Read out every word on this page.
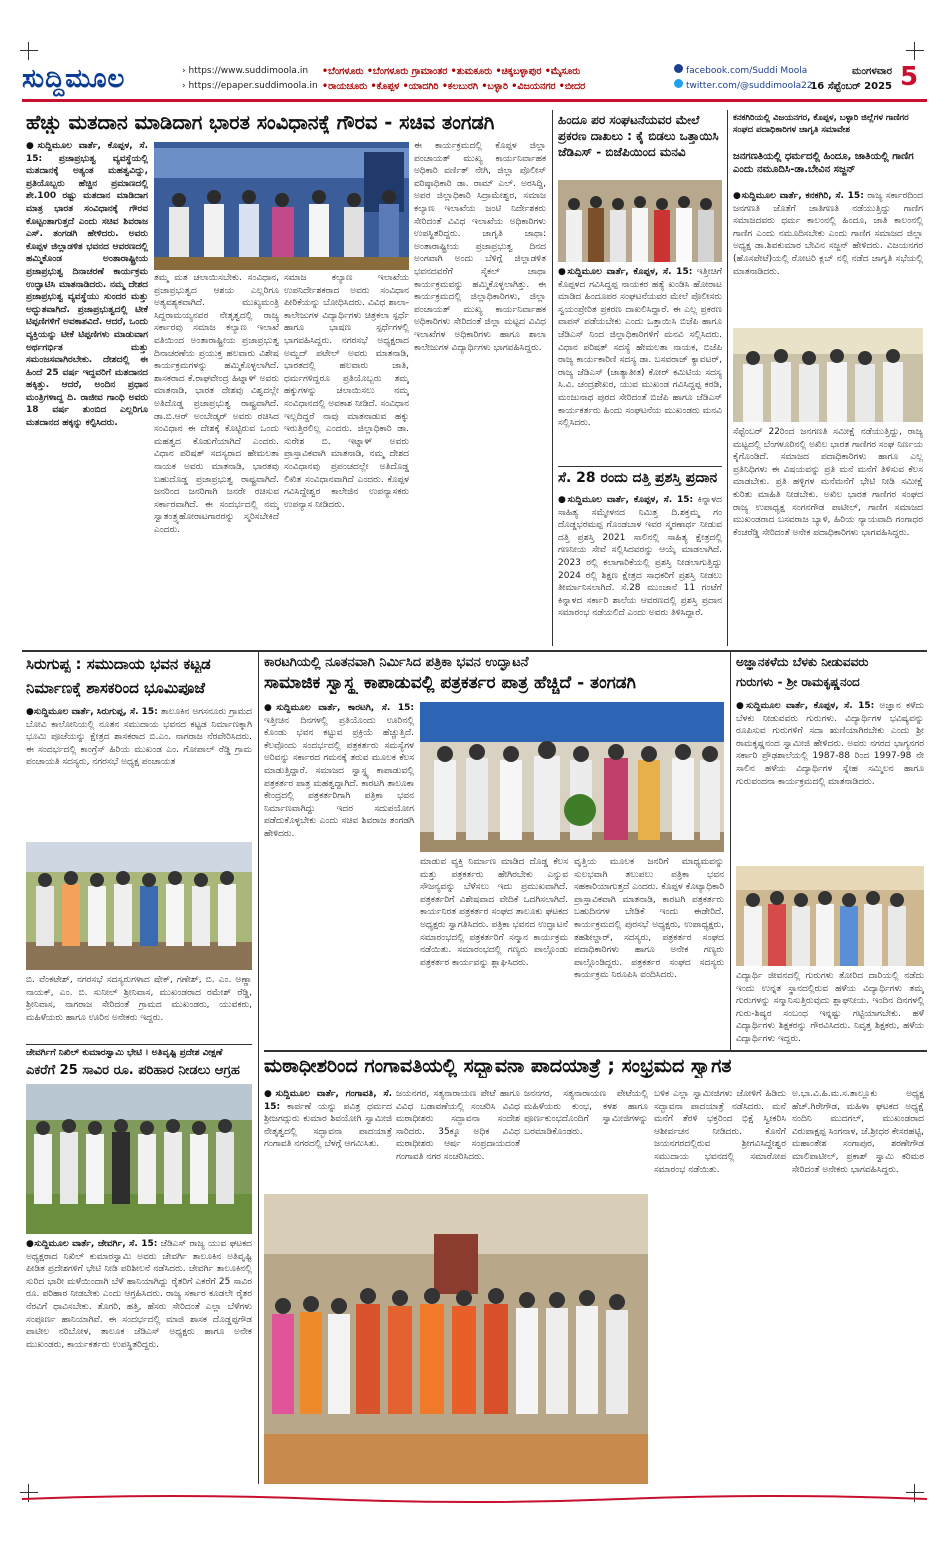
ಸುದ್ದಿಮೂಲ	› https://www.suddimoola.in
› https://epaper.suddimoola.in
•ಬೆಂಗಳೂರು •ಬೆಂಗಳೂರು ಗ್ರಾಮಾಂತರ •ತುಮಕೂರು •ಚಿಕ್ಕಬಳ್ಳಾಪುರ •ಮೈಸೂರು
•ರಾಯಚೂರು •ಕೊಪ್ಪಳ •ಯಾದಗಿರಿ •ಕಲಬುರಗಿ •ಬಳ್ಳಾರಿ •ವಿಜಯನಗರ •ಬೀದರ
facebook.com/Suddi Moola
twitter.com/@suddimoola22
ಮಂಗಳವಾರ
16 ಸೆಪ್ಟೆಂಬರ್ 2025 5
ಹೆಚ್ಚು ಮತದಾನ ಮಾಡಿದಾಗ ಭಾರತ ಸಂವಿಧಾನಕ್ಕೆ ಗೌರವ - ಸಚಿವ ತಂಗಡಗಿ
●ಸುದ್ದಿಮೂಲ ವಾರ್ತೆ, ಕೊಪ್ಪಳ, ಸೆ. 15: ಪ್ರಜಾಪ್ರಭುತ್ವ ವ್ಯವಸ್ಥೆಯಲ್ಲಿ ಮತದಾನಕ್ಕೆ ಅತ್ಯಂತ ಮಹತ್ವವಿದ್ದು, ಪ್ರತಿಯೊಬ್ಬರು ಹೆಚ್ಚಿನ ಪ್ರಮಾಣದಲ್ಲಿ ಶೇ.100 ರಷ್ಟು ಮತದಾನ ಮಾಡಿದಾಗ ಮಾತ್ರ ಭಾರತ ಸಂವಿಧಾನಕ್ಕೆ ಗೌರವ ಕೊಟ್ಟಂತಾಗುತ್ತದೆ ಎಂದು ಸಚಿವ ಶಿವರಾಜ ಎಸ್. ತಂಗಡಗಿ ಹೇಳಿದರು. ಅವರು ಕೊಪ್ಪಳ ಜಿಲ್ಲಾಡಳಿತ ಭವನದ ಆವರಣದಲ್ಲಿ ಹಮ್ಮಿಕೊಂಡ ಅಂತಾರಾಷ್ಟ್ರೀಯ ಪ್ರಜಾಪ್ರಭುತ್ವ ದಿನಾಚರಣೆ ಕಾರ್ಯಕ್ರಮ ಉದ್ಘಾಟಿಸಿ ಮಾತನಾಡಿದರು. ನಮ್ಮ ದೇಶದ ಪ್ರಜಾಪ್ರಭುತ್ವ ವ್ಯವಸ್ಥೆಯು ಸುಂದರ ಮತ್ತು ಅದ್ಭುತವಾಗಿದೆ. ಪ್ರಜಾಪ್ರಭುತ್ವದಲ್ಲಿ ಟೀಕೆ ಟಿಪ್ಪಣಿಗಳಿಗೆ ಅವಕಾಶವಿದೆ. ಆದರೆ, ಒಂದು ವ್ಯಕ್ತಿಯನ್ನು ಟೀಕೆ ಟಿಪ್ಪಣಿಗಳು ಮಾಡುವಾಗ ಅರ್ಥಗರ್ಭಿತ ಮತ್ತು ಸಮಂಜಸವಾಗಿರಬೇಕು. ದೇಶದಲ್ಲಿ ಈ ಹಿಂದೆ 25 ವರ್ಷ ಇದ್ದವರಿಗೆ ಮತದಾನದ ಹಕ್ಕಿತ್ತು. ಆದರೆ, ಅಂದಿನ ಪ್ರಧಾನ ಮಂತ್ರಿಗಳಾದ್ದ ದಿ. ರಾಜೀವ ಗಾಂಧಿ ಅವರು 18 ವರ್ಷ ತುಂಬಿದ ಎಲ್ಲರಿಗೂ ಮತದಾನದ ಹಕ್ಕನ್ನು ಕಲ್ಪಿಸಿದರು.
ತಮ್ಮ ಮತ ಚಲಾಯಿಸಬೇಕು. ಸಂವಿಧಾನ, ಪ್ರಜಾಪ್ರಭುತ್ವದ ಆಶಯ ಎಲ್ಲರಿಗೂ ಅತ್ಯವಶ್ಯಕವಾಗಿದೆ. ಮುಖ್ಯಮಂತ್ರಿ ಸಿದ್ದರಾಮಯ್ಯನವರ ನೇತೃತ್ವದಲ್ಲಿ ರಾಜ್ಯ ಸರ್ಕಾರವು ಸಮಾಜ ಕಲ್ಯಾಣ ಇಲಾಖೆ ವತಿಯಿಂದ ಅಂತಾರಾಷ್ಟ್ರೀಯ ಪ್ರಜಾಪ್ರಭುತ್ವ ದಿನಾಚರಣೆಯ ಪ್ರಯುಕ್ತ ಹಲವಾರು ವಿಶೇಷ ಕಾರ್ಯಕ್ರಮಗಳನ್ನು ಹಮ್ಮಿಕೊಳ್ಳಲಾಗಿದೆ. ಶಾಸಕರಾದ ಕೆ.ರಾಘವೇಂದ್ರ ಹಿಟ್ನಾಳ್ ಅವರು ಮಾತನಾಡಿ, ಭಾರತ ದೇಶವು ವಿಶ್ವದಲ್ಲೇ ಅತಿದೊಡ್ಡ ಪ್ರಜಾಪ್ರಭುತ್ವ ರಾಷ್ಟ್ರವಾಗಿದೆ. ಡಾ.ಬಿ.ಆರ್ ಅಂಬೇಡ್ಕರ್ ಅವರು ರಚಿಸಿದ ಸಂವಿಧಾನ ಈ ದೇಶಕ್ಕೆ ಕೊಟ್ಟಿರುವ ಒಂದು ಮಹತ್ವದ ಕೊಡುಗೆಯಾಗಿದೆ ಎಂದರು. ವಿಧಾನ ಪರಿಷತ್ ಸದಸ್ಯರಾದ ಹೇಮಲತಾ ನಾಯಕ ಅವರು ಮಾತನಾಡಿ, ಭಾರತವು ಬಹುದೊಡ್ಡ ಪ್ರಜಾಪ್ರಭುತ್ವ ರಾಷ್ಟ್ರವಾಗಿದೆ. ಜನರಿಂದ ಜನರಿಗಾಗಿ ಜನರೇ ರಚಿಸುವ ಸರ್ಕಾರವಾಗಿದೆ. ಈ ಸಂದರ್ಭದಲ್ಲಿ ನಮ್ಮ ಸ್ವಾತಂತ್ರ್ಯಹೋರಾಟಗಾರರನ್ನು ಸ್ಮರಿಸಬೇಕಿದೆ ಎಂದರು.
ಸಮಾಜ ಕಲ್ಯಾಣ ಇಲಾಖೆಯ ಉಪನಿರ್ದೇಶಕರಾದ ಅವರು ಸಂವಿಧಾನ ಪೀಠಿಕೆಯನ್ನು ಬೋಧಿಸಿದರು. ವಿವಿಧ ಶಾಲಾ-ಕಾಲೇಜುಗಳ ವಿದ್ಯಾರ್ಥಿಗಳು ಚಿತ್ರಕಲಾ ಸ್ಪರ್ಧೆ ಹಾಗೂ ಭಾಷಣ ಸ್ಪರ್ಧೆಗಳಲ್ಲಿ ಭಾಗವಹಿಸಿದ್ದರು. ನಗರಸಭೆ ಅಧ್ಯಕ್ಷರಾದ ಅಮ್ಜದ್ ಪಟೇಲ್ ಅವರು ಮಾತನಾಡಿ, ಭಾರತದಲ್ಲಿ ಹಲವಾರು ಜಾತಿ, ಧರ್ಮಗಳಿದ್ದರೂ ಪ್ರತಿಯೊಬ್ಬರು ತಮ್ಮ ಹಕ್ಕುಗಳನ್ನು ಚಲಾಯಿಸಲು ನಮ್ಮ ಸಂವಿಧಾನದಲ್ಲಿ ಅವಕಾಶ ನೀಡಿದೆ. ಸಂವಿಧಾನ ಇಲ್ಲದಿದ್ದರೆ ನಾವು ಮಾತನಾಡುವ ಹಕ್ಕು ಇರುತ್ತಿರಲಿಲ್ಲ ಎಂದರು. ಜಿಲ್ಲಾಧಿಕಾರಿ ಡಾ. ಸುರೇಶ ಬಿ. ಇಟ್ನಾಳ್ ಅವರು ಪ್ರಾಸ್ತಾವಿಕವಾಗಿ ಮಾತನಾಡಿ, ನಮ್ಮ ದೇಶದ ಸಂವಿಧಾನವು ಪ್ರಪಂಚದಲ್ಲೇ ಅತಿದೊಡ್ಡ ಲಿಖಿತ ಸಂವಿಧಾನವಾಗಿದೆ ಎಂದರು. ಕೊಪ್ಪಳ ಗವಿಸಿದ್ದೇಶ್ವರ ಕಾಲೇಜಿನ ಉಪನ್ಯಾಸಕರು ಉಪನ್ಯಾಸ ನೀಡಿದರು.
ಈ ಕಾರ್ಯಕ್ರಮದಲ್ಲಿ ಕೊಪ್ಪಳ ಜಿಲ್ಲಾ ಪಂಚಾಯತ್ ಮುಖ್ಯ ಕಾರ್ಯನಿರ್ವಾಹಕ ಅಧಿಕಾರಿ ವರ್ಣಿತ್ ನೇಗಿ, ಜಿಲ್ಲಾ ಪೊಲೀಸ್ ವರಿಷ್ಠಾಧಿಕಾರಿ ಡಾ. ರಾಮ್ ಎಲ್. ಅರಸಿದ್ದಿ, ಅಪರ ಜಿಲ್ಲಾಧಿಕಾರಿ ಸಿದ್ರಾಮೇಶ್ವರ, ಸಮಾಜ ಕಲ್ಯಾಣ ಇಲಾಖೆಯ ಜಂಟಿ ನಿರ್ದೇಶಕರು ಸೇರಿದಂತೆ ವಿವಿಧ ಇಲಾಖೆಯ ಅಧಿಕಾರಿಗಳು ಉಪಸ್ಥಿತರಿದ್ದರು. ಜಾಗೃತಿ ಜಾಥಾ: ಅಂತಾರಾಷ್ಟ್ರೀಯ ಪ್ರಜಾಪ್ರಭುತ್ವ ದಿನದ ಅಂಗವಾಗಿ ಅಂದು ಬೆಳಿಗ್ಗೆ ಜಿಲ್ಲಾಡಳಿತ ಭವನದವರೆಗೆ ಸೈಕಲ್ ಜಾಥಾ ಕಾರ್ಯಕ್ರಮವನ್ನು ಹಮ್ಮಿಕೊಳ್ಳಲಾಗಿತ್ತು. ಈ ಕಾರ್ಯಕ್ರಮದಲ್ಲಿ ಜಿಲ್ಲಾಧಿಕಾರಿಗಳು, ಜಿಲ್ಲಾ ಪಂಚಾಯತ್ ಮುಖ್ಯ ಕಾರ್ಯನಿರ್ವಾಹಕ ಅಧಿಕಾರಿಗಳು ಸೇರಿದಂತೆ ಜಿಲ್ಲಾ ಮಟ್ಟದ ವಿವಿಧ ಇಲಾಖೆಗಳ ಅಧಿಕಾರಿಗಳು ಹಾಗೂ ಶಾಲಾ ಕಾಲೇಜುಗಳ ವಿದ್ಯಾರ್ಥಿಗಳು ಭಾಗವಹಿಸಿದ್ದರು.
ಹಿಂದೂ ಪರ ಸಂಘಟನೆಯವರ ಮೇಲೆ ಪ್ರಕರಣ ದಾಖಲು : ಕೈ ಬಿಡಲು ಒತ್ತಾಯಿಸಿ ಜೆಡಿಎಸ್ - ಬಿಜೆಪಿಯಿಂದ ಮನವಿ
●ಸುದ್ದಿಮೂಲ ವಾರ್ತೆ, ಕೊಪ್ಪಳ, ಸೆ. 15: ಇತ್ತೀಚಿಗೆ ಕೊಪ್ಪಳದ ಗವಿಸಿದ್ದಪ್ಪ ನಾಯಕರ ಹತ್ಯೆ ಖಂಡಿಸಿ ಹೋರಾಟ ಮಾಡಿದ ಹಿಂದೂಪರ ಸಂಘಟನೆಯವರ ಮೇಲೆ ಪೊಲೀಸರು ಸ್ವಯಂಪ್ರೇರಿತ ಪ್ರಕರಣ ದಾಖಲಿಸಿದ್ದಾರೆ. ಈ ಎಲ್ಲ ಪ್ರಕರಣ ವಾಪಸ್ ಪಡೆಯಬೇಕು ಎಂದು ಒತ್ತಾಯಿಸಿ ಬಿಜೆಪಿ ಹಾಗೂ ಜೆಡಿಎಸ್ ನಿಂದ ಜಿಲ್ಲಾಧಿಕಾರಿಗಳಿಗೆ ಮನವಿ ಸಲ್ಲಿಸಿದರು. ವಿಧಾನ ಪರಿಷತ್ ಸದಸ್ಯೆ ಹೇಮಲತಾ ನಾಯಕ, ಬಿಜೆಪಿ ರಾಜ್ಯ ಕಾರ್ಯಕಾರಿಣಿ ಸದಸ್ಯ ಡಾ. ಬಸವರಾಜ್ ಕ್ಯಾವಟರ್, ರಾಜ್ಯ ಜೆಡಿಎಸ್ (ಜಾತ್ಯಾತೀತ) ಕೋರ್ ಕಮಿಟಿಯ ಸದಸ್ಯ ಸಿ.ವಿ. ಚಂದ್ರಶೇಖರ, ಯುವ ಮುಖಂಡ ಗವಿಸಿದ್ದಪ್ಪ ಕರಡಿ, ಮಂಜುನಾಥ ಪುರದ ಸೇರಿದಂತೆ ಬಿಜೆಪಿ ಹಾಗೂ ಜೆಡಿಎಸ್ ಕಾರ್ಯಕರ್ತರು ಹಿಂದು ಸಂಘಟನೆಯ ಮುಖಂಡರು ಮನವಿ ಸಲ್ಲಿಸಿದರು.
ಸೆ. 28 ರಂದು ದತ್ತಿ ಪ್ರಶಸ್ತಿ ಪ್ರದಾನ
●ಸುದ್ದಿಮೂಲ ವಾರ್ತೆ, ಕೊಪ್ಪಳ, ಸೆ. 15: ಕಿನ್ನಾಳದ ಸಾಹಿತ್ಯ ಸಮ್ಮೇಳನದ ನಿಮಿತ್ತ ದಿ.ಶಕ್ತಮ್ಮ ಗಂ ದೊಡ್ಡಭರಮಪ್ಪ ಗೊಂಡಬಾಳ ಇವರ ಸ್ಮರಣಾರ್ಥ ನೀಡುವ ದತ್ತಿ ಪ್ರಶಸ್ತಿ 2021 ಸಾಲಿನಲ್ಲಿ ಸಾಹಿತ್ಯ ಕ್ಷೇತ್ರದಲ್ಲಿ ಗಣನೀಯ ಸೇವೆ ಸಲ್ಲಿಸಿದವರನ್ನು ಆಯ್ಕೆ ಮಾಡಲಾಗಿದೆ. 2023 ರಲ್ಲಿ ಕಲಾಗಾರಿಕೆಯಲ್ಲಿ ಪ್ರಶಸ್ತಿ ನೀಡಲಾಗುತ್ತಿದ್ದು 2024 ರಲ್ಲಿ ಶಿಕ್ಷಣ ಕ್ಷೇತ್ರದ ಸಾಧಕರಿಗೆ ಪ್ರಶಸ್ತಿ ನೀಡಲು ತೀರ್ಮಾನಿಸಲಾಗಿದೆ. ಸೆ.28 ಮುಂಜಾನೆ 11 ಗಂಟೆಗೆ ಕಿನ್ನಾಳದ ಸರ್ಕಾರಿ ಶಾಲೆಯ ಆವರಣದಲ್ಲಿ ಪ್ರಶಸ್ತಿ ಪ್ರದಾನ ಸಮಾರಂಭ ನಡೆಯಲಿದೆ ಎಂದು ಅವರು ತಿಳಿಸಿದ್ದಾರೆ.
ಕನಕಗಿರಿಯಲ್ಲಿ ವಿಜಯನಗರ, ಕೊಪ್ಪಳ, ಬಳ್ಳಾರಿ ಜಿಲ್ಲೆಗಳ ಗಾಣಿಗರ ಸಂಘದ ಪದಾಧಿಕಾರಿಗಳ ಜಾಗೃತಿ ಸಮಾವೇಶ
ಜನಗಣತಿಯಲ್ಲಿ ಧರ್ಮದಲ್ಲಿ ಹಿಂದೂ, ಜಾತಿಯಲ್ಲಿ ಗಾಣಿಗ ಎಂದು ನಮೂದಿಸಿ-ಡಾ.ಬೇವಿನ ಸಜ್ಜನ್
●ಸುದ್ದಿಮೂಲ ವಾರ್ತೆ, ಕನಕಗಿರಿ, ಸೆ. 15: ರಾಜ್ಯ ಸರ್ಕಾರದಿಂದ ಜನಗಣತಿ ಜೊತೆಗೆ ಜಾತಿಗಣತಿ ನಡೆಯುತ್ತಿದ್ದು ಗಾಣಿಗ ಸಮಾಜದವರು ಧರ್ಮ ಕಾಲಂನಲ್ಲಿ ಹಿಂದೂ, ಜಾತಿ ಕಾಲಂನಲ್ಲಿ ಗಾಣಿಗ ಎಂದು ನಮೂದಿಸಬೇಕು ಎಂದು ಗಾಣಿಗ ಸಮಾಜದ ಜಿಲ್ಲಾ ಅಧ್ಯಕ್ಷ ಡಾ.ಶಿವಕುಮಾರ ಬೇವಿನ ಸಜ್ಜನ್ ಹೇಳಿದರು. ವಿಜಯನಗರ (ಹೊಸಪೇಟೆ)ಯಲ್ಲಿ ರೋಟರಿ ಕ್ಲಬ್ ನಲ್ಲಿ ನಡೆದ ಜಾಗೃತಿ ಸಭೆಯಲ್ಲಿ ಮಾತನಾಡಿದರು.
ಸೆಪ್ಟೆಂಬರ್ 22ರಿಂದ ಜನಗಣತಿ ಸಮೀಕ್ಷೆ ನಡೆಯುತ್ತಿದ್ದು, ರಾಜ್ಯ ಮಟ್ಟದಲ್ಲಿ ಬೆಂಗಳೂರಿನಲ್ಲಿ ಅಖಿಲ ಭಾರತ ಗಾಣಿಗರ ಸಂಘ ನಿರ್ಣಯ ಕೈಗೊಂಡಿದೆ. ಸಮಾಜದ ಪದಾಧಿಕಾರಿಗಳು ಹಾಗೂ ಎಲ್ಲ ಪ್ರತಿನಿಧಿಗಳು ಈ ವಿಷಯವನ್ನು ಪ್ರತಿ ಮನೆ ಮನೆಗೆ ತಿಳಿಸುವ ಕೆಲಸ ಮಾಡಬೇಕು. ಪ್ರತಿ ಹಳ್ಳಿಗಳ ಮನೆಮನೆಗೆ ಭೇಟಿ ನೀಡಿ ಸಮೀಕ್ಷೆ ಕುರಿತು ಮಾಹಿತಿ ನೀಡಬೇಕು. ಅಖಿಲ ಭಾರತ ಗಾಣಿಗರ ಸಂಘದ ರಾಜ್ಯ ಉಪಾಧ್ಯಕ್ಷ ಸಂಗನಗೌಡ ಪಾಟೀಲ್, ಗಾಣಿಗ ಸಮಾಜದ ಮುಖಂಡರಾದ ಬಸವರಾಜ ಬ್ಯಾಳಿ, ಹಿರಿಯ ನ್ಯಾಯವಾದಿ ಗಂಗಾಧರ ಕೆಂಚರೆಡ್ಡಿ ಸೇರಿದಂತೆ ಅನೇಕ ಪದಾಧಿಕಾರಿಗಳು ಭಾಗವಹಿಸಿದ್ದರು.
ಸಿರುಗುಪ್ಪ : ಸಮುದಾಯ ಭವನ ಕಟ್ಟಡ
ನಿರ್ಮಾಣಕ್ಕೆ ಶಾಸಕರಿಂದ ಭೂಮಿಪೂಜೆ
●ಸುದ್ದಿಮೂಲ ವಾರ್ತೆ, ಸಿರುಗುಪ್ಪ, ಸೆ. 15: ತಾಲೂಕಿನ ಅಗಸನೂರು ಗ್ರಾಮದ ಬೋವಿ ಕಾಲೋನಿಯಲ್ಲಿ ನೂತನ ಸಮುದಾಯ ಭವನದ ಕಟ್ಟಡ ನಿರ್ಮಾಣಕ್ಕಾಗಿ ಭೂಮಿ ಪೂಜೆಯನ್ನು ಕ್ಷೇತ್ರದ ಶಾಸಕರಾದ ಬಿ.ಎಂ. ನಾಗರಾಜ ನೆರವೇರಿಸಿದರು. ಈ ಸಂದರ್ಭದಲ್ಲಿ ಕಾಂಗ್ರೆಸ್ ಹಿರಿಯ ಮುಖಂಡ ಎಂ. ಗೋಪಾಲ್ ರೆಡ್ಡಿ ಗ್ರಾಮ ಪಂಚಾಯತಿ ಸದಸ್ಯರು, ನಗರಸಭೆ ಅಧ್ಯಕ್ಷ ಪಂಚಾಯತ
ಬಿ. ವೆಂಕಟೇಶ್, ನಗರಸಭೆ ಸದಸ್ಯರುಗಳಾದ ಷೇಕ್, ಗಣೇಶ್, ಬಿ. ಎಂ. ಅಣ್ಣಾ ನಾಯಕ್, ಎಂ. ಬಿ. ಸುನೀಲ್ ಶ್ರೀನಿವಾಸ, ಮುಖಂಡರಾದ ರಮೇಶ್ ರೆಡ್ಡಿ, ಶ್ರೀನಿವಾಸ, ನಾಗರಾಜ ಸೇರಿದಂತೆ ಗ್ರಾಮದ ಮುಖಂಡರು, ಯುವಕರು, ಮಹಿಳೆಯರು ಹಾಗೂ ಊರಿನ ಅನೇಕರು ಇದ್ದರು.
ಜೇವರ್ಗಿಗೆ ನಿಖಿಲ್ ಕುಮಾರಸ್ವಾಮಿ ಭೇಟಿ । ಅತಿವೃಷ್ಟಿ ಪ್ರದೇಶ ವೀಕ್ಷಣೆ
ಎಕರೆಗೆ 25 ಸಾವಿರ ರೂ. ಪರಿಹಾರ ನೀಡಲು ಆಗ್ರಹ
●ಸುದ್ದಿಮೂಲ ವಾರ್ತೆ, ಜೇವರ್ಗಿ, ಸೆ. 15: ಜೆಡಿಎಸ್ ರಾಜ್ಯ ಯುವ ಘಟಕದ ಅಧ್ಯಕ್ಷರಾದ ನಿಖಿಲ್ ಕುಮಾರಸ್ವಾಮಿ ಅವರು ಜೇವರ್ಗಿ ತಾಲೂಕಿನ ಅತಿವೃಷ್ಟಿ ಪೀಡಿತ ಪ್ರದೇಶಗಳಿಗೆ ಭೇಟಿ ನೀಡಿ ಪರಿಶೀಲನೆ ನಡೆಸಿದರು. ಜೇವರ್ಗಿ ತಾಲೂಕಿನಲ್ಲಿ ಸುರಿದ ಭಾರೀ ಮಳೆಯಿಂದಾಗಿ ಬೆಳೆ ಹಾನಿಯಾಗಿದ್ದು ರೈತರಿಗೆ ಎಕರೆಗೆ 25 ಸಾವಿರ ರೂ. ಪರಿಹಾರ ನೀಡಬೇಕು ಎಂದು ಆಗ್ರಹಿಸಿದರು. ರಾಜ್ಯ ಸರ್ಕಾರ ಕೂಡಲೇ ರೈತರ ನೆರವಿಗೆ ಧಾವಿಸಬೇಕು. ತೊಗರಿ, ಹತ್ತಿ, ಹೆಸರು ಸೇರಿದಂತೆ ಎಲ್ಲಾ ಬೆಳೆಗಳು ಸಂಪೂರ್ಣ ಹಾನಿಯಾಗಿವೆ. ಈ ಸಂದರ್ಭದಲ್ಲಿ ಮಾಜಿ ಶಾಸಕ ದೊಡ್ಡಪ್ಪಗೌಡ ಪಾಟೀಲ ನರಿಬೋಳ, ತಾಲೂಕ ಜೆಡಿಎಸ್ ಅಧ್ಯಕ್ಷರು ಹಾಗೂ ಅನೇಕ ಮುಖಂಡರು, ಕಾರ್ಯಕರ್ತರು ಉಪಸ್ಥಿತರಿದ್ದರು.
ಕಾರಟಗಿಯಲ್ಲಿ ನೂತನವಾಗಿ ನಿರ್ಮಿಸಿದ ಪತ್ರಿಕಾ ಭವನ ಉದ್ಘಾಟನೆ
ಸಾಮಾಜಿಕ ಸ್ವಾಸ್ಥ್ಯ ಕಾಪಾಡುವಲ್ಲಿ ಪತ್ರಕರ್ತರ ಪಾತ್ರ ಹೆಚ್ಚಿದೆ - ತಂಗಡಗಿ
●ಸುದ್ದಿಮೂಲ ವಾರ್ತೆ, ಕಾರಟಗಿ, ಸೆ. 15: ಇತ್ತೀಚಿನ ದಿನಗಳಲ್ಲಿ ಪ್ರತಿಯೊಂದು ಊರಿನಲ್ಲಿ ಕೊಂಡು ಭವನ ಕಟ್ಟುವ ಪ್ರಕ್ರಿಯೆ ಹೆಚ್ಚುತ್ತಿದೆ. ಕೆಲವೊಂದು ಸಂದರ್ಭದಲ್ಲಿ ಪತ್ರಕರ್ತರು ಸಮಸ್ಯೆಗಳ ಅರಿವನ್ನು ಸರ್ಕಾರದ ಗಮನಕ್ಕೆ ತರುವ ಮೂಲಕ ಕೆಲಸ ಮಾಡುತ್ತಿದ್ದಾರೆ. ಸಮಾಜದ ಸ್ವಾಸ್ಥ್ಯ ಕಾಪಾಡುವಲ್ಲಿ ಪತ್ರಕರ್ತರ ಪಾತ್ರ ಮಹತ್ವದ್ದಾಗಿದೆ. ಕಾರಟಗಿ ತಾಲೂಕಾ ಕೇಂದ್ರದಲ್ಲಿ ಪತ್ರಕರ್ತರಿಗಾಗಿ ಪತ್ರಿಕಾ ಭವನ ನಿರ್ಮಾಣವಾಗಿದ್ದು ಇದರ ಸದುಪಯೋಗ ಪಡೆದುಕೊಳ್ಳಬೇಕು ಎಂದು ಸಚಿವ ಶಿವರಾಜ ತಂಗಡಗಿ ಹೇಳಿದರು.
ಮಾಡುವ ವ್ಯಕ್ತಿ ನಿರ್ಮಾಣ ಮಾಡಿದ ದೊಡ್ಡ ಕೆಲಸ ಮತ್ತು ಪತ್ರಕರ್ತರು ಹೇಗಿರಬೇಕು ಎನ್ನುವ ಸೌಜನ್ಯವನ್ನು ಬೆಳೆಸಲು ಇದು ಪ್ರಮುಖವಾಗಿದೆ. ಪತ್ರಕರ್ತರಿಗೆ ವಿಶೇಷವಾದ ವೇದಿಕೆ ಒದಗಿಸಲಾಗಿದೆ. ಕಾರ್ಯನಿರತ ಪತ್ರಕರ್ತರ ಸಂಘದ ತಾಲೂಕು ಘಟಕದ ಅಧ್ಯಕ್ಷರು ಸ್ವಾಗತಿಸಿದರು. ಪತ್ರಿಕಾ ಭವನದ ಉದ್ಘಾಟನೆ ಸಮಾರಂಭದಲ್ಲಿ ಪತ್ರಕರ್ತರಿಗೆ ಸನ್ಮಾನ ಕಾರ್ಯಕ್ರಮ ನಡೆಯಿತು. ಸಮಾರಂಭದಲ್ಲಿ ಗಣ್ಯರು ಪಾಲ್ಗೊಂಡು ಪತ್ರಕರ್ತರ ಕಾರ್ಯವನ್ನು ಶ್ಲಾಘಿಸಿದರು.
ವೃತ್ತಿಯ ಮೂಲಕ ಜನರಿಗೆ ಮಾಧ್ಯಮವನ್ನು ಸುಲಭವಾಗಿ ತಲುಪಲು ಪತ್ರಿಕಾ ಭವನ ಸಹಕಾರಿಯಾಗುತ್ತದೆ ಎಂದರು. ಕೊಪ್ಪಳ ಕೊಟ್ಯಾಧಿಕಾರಿ ಪ್ರಾಸ್ತಾವಿಕವಾಗಿ ಮಾತನಾಡಿ, ಕಾರಟಗಿ ಪತ್ರಕರ್ತರು ಬಹುದಿನಗಳ ಬೇಡಿಕೆ ಇಂದು ಈಡೇರಿದೆ. ಕಾರ್ಯಕ್ರಮದಲ್ಲಿ ಪುರಸಭೆ ಅಧ್ಯಕ್ಷರು, ಉಪಾಧ್ಯಕ್ಷರು, ತಹಶೀಲ್ದಾರ್, ಸದಸ್ಯರು, ಪತ್ರಕರ್ತರ ಸಂಘದ ಪದಾಧಿಕಾರಿಗಳು ಹಾಗೂ ಅನೇಕ ಗಣ್ಯರು ಪಾಲ್ಗೊಂಡಿದ್ದರು. ಪತ್ರಕರ್ತರ ಸಂಘದ ಸದಸ್ಯರು ಕಾರ್ಯಕ್ರಮ ನಿರೂಪಿಸಿ ವಂದಿಸಿದರು.
ಅಜ್ಞಾನಕಳೆದು ಬೆಳಕು ನೀಡುವವರು
ಗುರುಗಳು - ಶ್ರೀ ರಾಮಕೃಷ್ಣನಂದ
●ಸುದ್ದಿಮೂಲ ವಾರ್ತೆ, ಕೊಪ್ಪಳ, ಸೆ. 15: ಅಜ್ಞಾನ ಕಳೆದು ಬೆಳಕು ನೀಡುವವರು ಗುರುಗಳು. ವಿದ್ಯಾರ್ಥಿಗಳ ಭವಿಷ್ಯವನ್ನು ರೂಪಿಸುವ ಗುರುಗಳಿಗೆ ಸದಾ ಋಣಿಯಾಗಿರಬೇಕು ಎಂದು ಶ್ರೀ ರಾಮಕೃಷ್ಣನಂದ ಸ್ವಾಮೀಜಿ ಹೇಳಿದರು. ಅವರು ನಗರದ ಭಾಗ್ಯನಗರ ಸರ್ಕಾರಿ ಪ್ರೌಢಶಾಲೆಯಲ್ಲಿ 1987-88 ರಿಂದ 1997-98 ನೇ ಸಾಲಿನ ಹಳೆಯ ವಿದ್ಯಾರ್ಥಿಗಳ ಸ್ನೇಹ ಸಮ್ಮಿಲನ ಹಾಗೂ ಗುರುವಂದನಾ ಕಾರ್ಯಕ್ರಮದಲ್ಲಿ ಮಾತನಾಡಿದರು.
ವಿದ್ಯಾರ್ಥಿ ಜೀವನದಲ್ಲಿ ಗುರುಗಳು ತೋರಿದ ದಾರಿಯಲ್ಲಿ ನಡೆದು ಇಂದು ಉನ್ನತ ಸ್ಥಾನದಲ್ಲಿರುವ ಹಳೆಯ ವಿದ್ಯಾರ್ಥಿಗಳು ತಮ್ಮ ಗುರುಗಳನ್ನು ಸನ್ಮಾನಿಸುತ್ತಿರುವುದು ಶ್ಲಾಘನೀಯ. ಇಂದಿನ ದಿನಗಳಲ್ಲಿ ಗುರು-ಶಿಷ್ಯರ ಸಂಬಂಧ ಇನ್ನಷ್ಟು ಗಟ್ಟಿಯಾಗಬೇಕು. ಹಳೆ ವಿದ್ಯಾರ್ಥಿಗಳು ಶಿಕ್ಷಕರನ್ನು ಗೌರವಿಸಿದರು. ನಿವೃತ್ತ ಶಿಕ್ಷಕರು, ಹಳೆಯ ವಿದ್ಯಾರ್ಥಿಗಳು ಇದ್ದರು.
ಮಠಾಧೀಶರಿಂದ ಗಂಗಾವತಿಯಲ್ಲಿ ಸದ್ಭಾವನಾ ಪಾದಯಾತ್ರೆ ; ಸಂಭ್ರಮದ ಸ್ವಾಗತ
●ಸುದ್ದಿಮೂಲ ವಾರ್ತೆ, ಗಂಗಾವತಿ, ಸೆ. 15: ಕಾರ್ಪಣೆ ಯನ್ನು ಪವಿತ್ರ ಧರ್ಮದ ಶ್ರೀಜಗದ್ಗುರು ಕುಮಾರ ಶಿವಯೋಗಿ ಸ್ವಾಮೀಜಿ ನೇತೃತ್ವದಲ್ಲಿ ಸದ್ಭಾವನಾ ಪಾದಯಾತ್ರೆ ಗಂಗಾವತಿ ನಗರದಲ್ಲಿ ಬೆಳಗ್ಗೆ ಆಗಮಿಸಿತು.
ಜಯನಗರ, ಸತ್ಯನಾರಾಯಣ ಪೇಟೆ ಹಾಗೂ ವಿವಿಧ ಬಡಾವಣೆಯಲ್ಲಿ ಸಂಚರಿಸಿ ವಿವಿಧ ಮಠಾಧೀಶರು ಸದ್ಭಾವನಾ ಸಂದೇಶ ಸಾರಿದರು. 35ಕ್ಕೂ ಅಧಿಕ ವಿವಿಧ ಮಠಾಧೀಶರು ಆರ್ಷ ಸಂಪ್ರದಾಯದಂತೆ ಗಂಗಾವತಿ ನಗರ ಸಂಚರಿಸಿದರು.
ಜನನಗರ, ಸತ್ಯನಾರಾಯಣ ಪೇಟೆಯಲ್ಲಿ ಮಹಿಳೆಯರು ಕುಂಭ, ಕಳಶ ಹಾಗೂ ಪೂರ್ಣಕುಂಭದೊಂದಿಗೆ ಸ್ವಾಮೀಜಿಗಳನ್ನು ಬರಮಾಡಿಕೊಂಡರು.
ಬಳಿಕ ಎಲ್ಲಾ ಸ್ವಾಮೀಜಿಗಳು ಜೋಳಿಗೆ ಹಿಡಿದು ಸದ್ಭಾವನಾ ಪಾದಯಾತ್ರೆ ನಡೆಸಿದರು. ಮನೆ ಮನೆಗೆ ತೆರಳಿ ಭಕ್ತರಿಂದ ಭಿಕ್ಷೆ ಸ್ವೀಕರಿಸಿ ಆಶೀರ್ವಚನ ನೀಡಿದರು. ಕೊನೆಗೆ ಜಯನಗರದಲ್ಲಿರುವ ಶ್ರೀಗವಿಸಿದ್ದೇಶ್ವರ ಸಮುದಾಯ ಭವನದಲ್ಲಿ ಸಮಾರೋಪ ಸಮಾರಂಭ ನಡೆಯಿತು.
ಅ.ಭಾ.ವಿ.ಹಿ.ಮ.ಸ.ತಾಲ್ಲೂಕು ಅಧ್ಯಕ್ಷ ಹೆಚ್.ಗಿರೇಗೌಡ, ಮಹಿಳಾ ಘಟಕದ ಅಧ್ಯಕ್ಷೆ ನಂದಿನಿ ಮುದಗಲ್, ಮುಖಂಡರಾದ ವಿರುಪಾಕ್ಷಪ್ಪ ಸಿಂಗನಾಳ, ಜೆ.ಶ್ರೀಧರ ಕೇಸರಹಟ್ಟಿ, ಮಹಾಂತೇಶ ಸಂಗಾಪುರ, ಶರಣೇಗೌಡ ಮಾಲಿಪಾಟೀಲ್, ಪ್ರಕಾಶ್ ಸ್ವಾಮಿ ಕರಿಮಠ ಸೇರಿದಂತೆ ಅನೇಕರು ಭಾಗವಹಿಸಿದ್ದರು.
